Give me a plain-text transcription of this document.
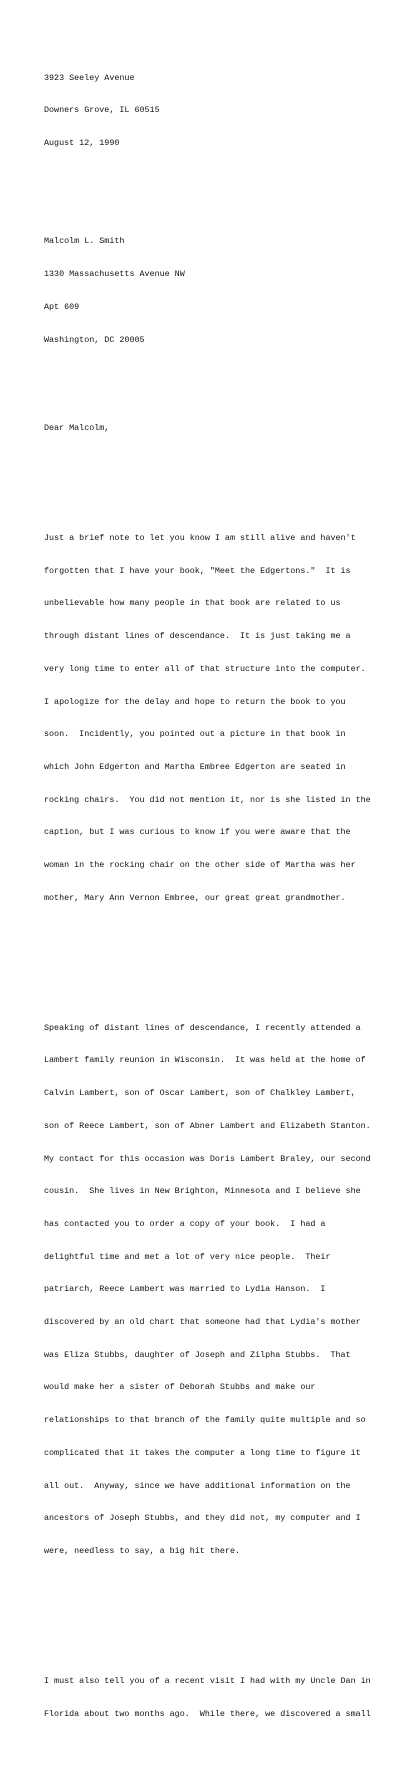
3923 Seeley Avenue

Downers Grove, IL 60515

August 12, 1990

Malcolm L. Smith

1330 Massachusetts Avenue NW

Apt 609

Washington, DC 20005

Dear Malcolm,

Just a brief note to let you know I am still alive and haven't

forgotten that I have your book, "Meet the Edgertons."  It is

unbelievable how many people in that book are related to us

through distant lines of descendance.  It is just taking me a

very long time to enter all of that structure into the computer.

I apologize for the delay and hope to return the book to you

soon.  Incidently, you pointed out a picture in that book in

which John Edgerton and Martha Embree Edgerton are seated in

rocking chairs.  You did not mention it, nor is she listed in the

caption, but I was curious to know if you were aware that the

woman in the rocking chair on the other side of Martha was her

mother, Mary Ann Vernon Embree, our great great grandmother.

Speaking of distant lines of descendance, I recently attended a

Lambert family reunion in Wisconsin.  It was held at the home of

Calvin Lambert, son of Oscar Lambert, son of Chalkley Lambert,

son of Reece Lambert, son of Abner Lambert and Elizabeth Stanton.

My contact for this occasion was Doris Lambert Braley, our second

cousin.  She lives in New Brighton, Minnesota and I believe she

has contacted you to order a copy of your book.  I had a

delightful time and met a lot of very nice people.  Their

patriarch, Reece Lambert was married to Lydia Hanson.  I

discovered by an old chart that someone had that Lydia's mother

was Eliza Stubbs, daughter of Joseph and Zilpha Stubbs.  That

would make her a sister of Deborah Stubbs and make our

relationships to that branch of the family quite multiple and so

complicated that it takes the computer a long time to figure it

all out.  Anyway, since we have additional information on the

ancestors of Joseph Stubbs, and they did not, my computer and I

were, needless to say, a big hit there.

I must also tell you of a recent visit I had with my Uncle Dan in

Florida about two months ago.  While there, we discovered a small
